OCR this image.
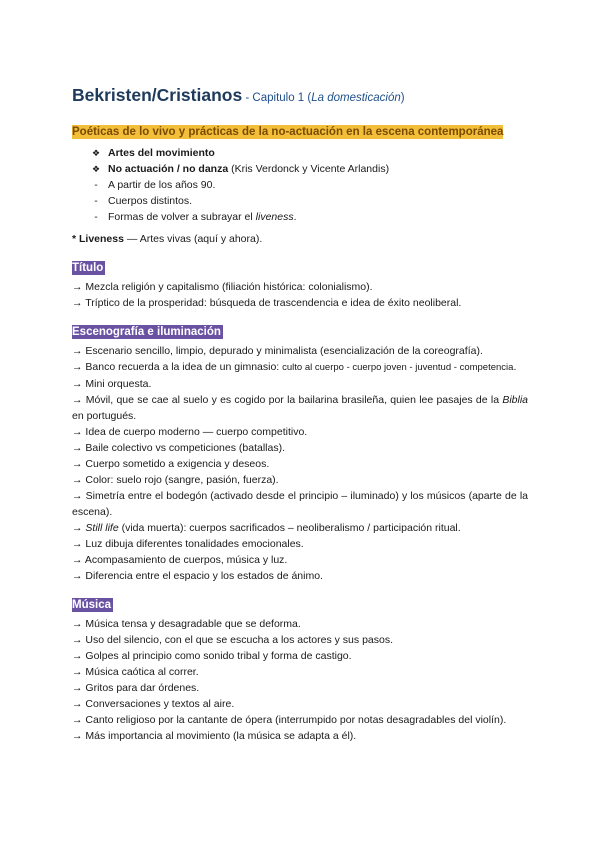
Bekristen/Cristianos - Capitulo 1 (La domesticación)
Poéticas de lo vivo y prácticas de la no-actuación en la escena contemporánea
❖ Artes del movimiento
❖ No actuación / no danza (Kris Verdonck y Vicente Arlandis)
- A partir de los años 90.
- Cuerpos distintos.
- Formas de volver a subrayar el liveness.

* Liveness — Artes vivas (aquí y ahora).

Título

→ Mezcla religión y capitalismo (filiación histórica: colonialismo).

→ Tríptico de la prosperidad: búsqueda de trascendencia e idea de éxito neoliberal.

Escenografía e iluminación

→ Escenario sencillo, limpio, depurado y minimalista (esencialización de la coreografía).

→ Banco recuerda a la idea de un gimnasio: culto al cuerpo - cuerpo joven - juventud - competencia.

→ Mini orquesta.

→ Móvil, que se cae al suelo y es cogido por la bailarina brasileña, quien lee pasajes de la Biblia en portugués.

→ Idea de cuerpo moderno — cuerpo competitivo.

→ Baile colectivo vs competiciones (batallas).

→ Cuerpo sometido a exigencia y deseos.

→ Color: suelo rojo (sangre, pasión, fuerza).

→ Simetría entre el bodegón (activado desde el principio – iluminado) y los músicos (aparte de la escena).

→ Still life (vida muerta): cuerpos sacrificados – neoliberalismo / participación ritual.

→ Luz dibuja diferentes tonalidades emocionales.

→ Acompasamiento de cuerpos, música y luz.

→ Diferencia entre el espacio y los estados de ánimo.

Música

→ Música tensa y desagradable que se deforma.

→ Uso del silencio, con el que se escucha a los actores y sus pasos.

→ Golpes al principio como sonido tribal y forma de castigo.

→ Música caótica al correr.

→ Gritos para dar órdenes.

→ Conversaciones y textos al aire.

→ Canto religioso por la cantante de ópera (interrumpido por notas desagradables del violín).

→ Más importancia al movimiento (la música se adapta a él).
